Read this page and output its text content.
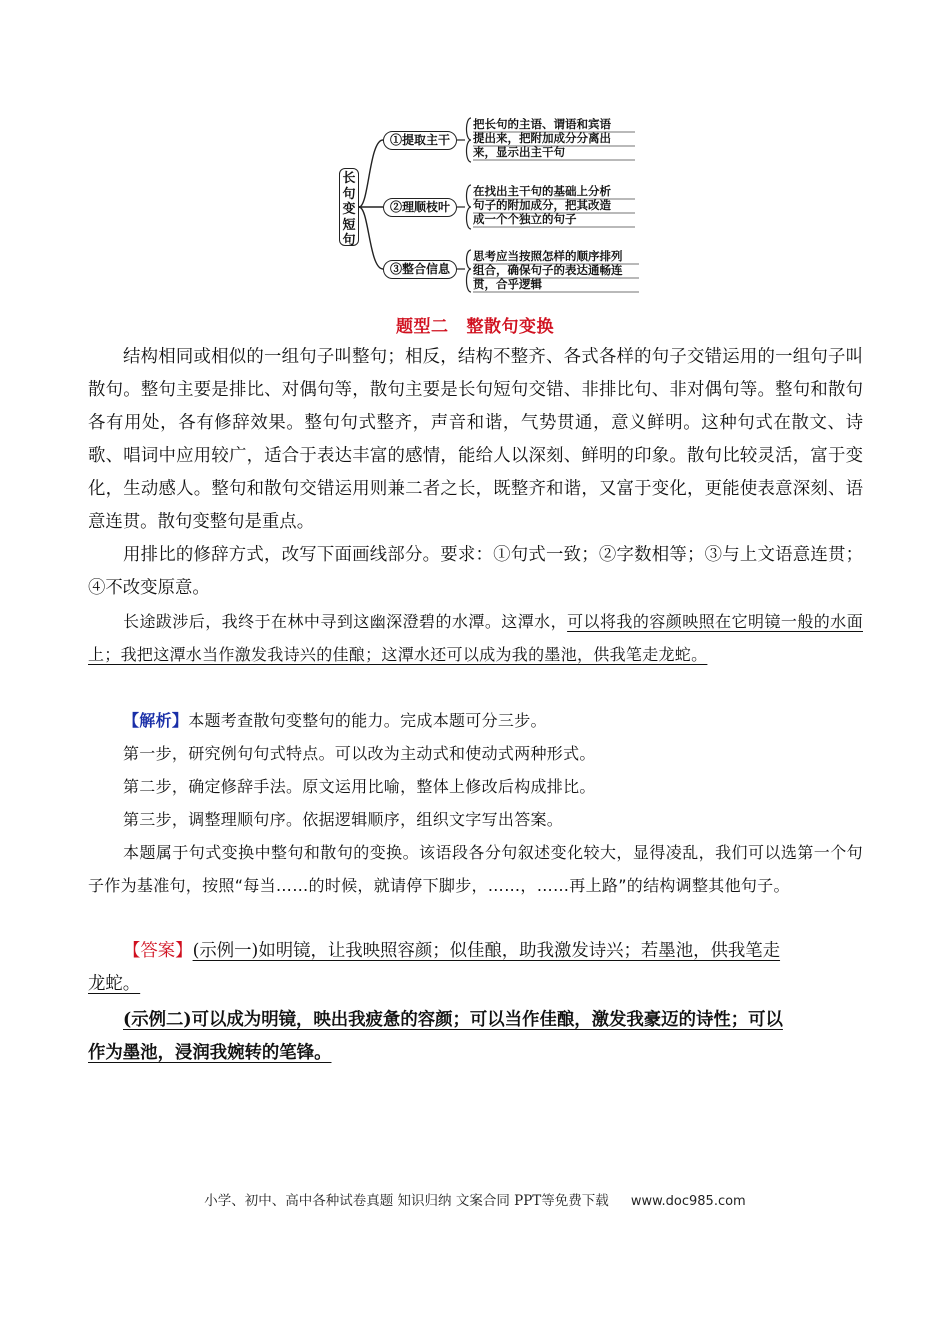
长
句
变
短
句
①提取主干
把长句的主语、谓语和宾语
提出来，把附加成分分离出
来，显示出主干句
②理顺枝叶
在找出主干句的基础上分析
句子的附加成分，把其改造
成一个个独立的句子
③整合信息
思考应当按照怎样的顺序排列
组合，确保句子的表达通畅连
贯，合乎逻辑
题型二 整散句变换

结构相同或相似的一组句子叫整句；相反，结构不整齐、各式各样的句子交错运用的一组句子叫散句。整句主要是排比、对偶句等，散句主要是长句短句交错、非排比句、非对偶句等。整句和散句各有用处，各有修辞效果。整句句式整齐，声音和谐，气势贯通，意义鲜明。这种句式在散文、诗歌、唱词中应用较广，适合于表达丰富的感情，能给人以深刻、鲜明的印象。散句比较灵活，富于变化，生动感人。整句和散句交错运用则兼二者之长，既整齐和谐，又富于变化，更能使表意深刻、语意连贯。散句变整句是重点。

用排比的修辞方式，改写下面画线部分。要求：①句式一致；②字数相等；③与上文语意连贯；④不改变原意。

长途跋涉后，我终于在林中寻到这幽深澄碧的水潭。这潭水，可以将我的容颜映照在它明镜一般的水面上；我把这潭水当作激发我诗兴的佳酿；这潭水还可以成为我的墨池，供我笔走龙蛇。

【解析】本题考查散句变整句的能力。完成本题可分三步。

第一步，研究例句句式特点。可以改为主动式和使动式两种形式。

第二步，确定修辞手法。原文运用比喻，整体上修改后构成排比。

第三步，调整理顺句序。依据逻辑顺序，组织文字写出答案。

本题属于句式变换中整句和散句的变换。该语段各分句叙述变化较大，显得凌乱，我们可以选第一个句子作为基准句，按照“每当……的时候，就请停下脚步，……，……再上路”的结构调整其他句子。

【答案】(示例一)如明镜，让我映照容颜；似佳酿，助我激发诗兴；若墨池，供我笔走
龙蛇。
(示例二)可以成为明镜，映出我疲惫的容颜；可以当作佳酿，激发我豪迈的诗性；可以
作为墨池，浸润我婉转的笔锋。
小学、初中、高中各种试卷真题 知识归纳 文案合同 PPT等免费下载 www.doc985.com
